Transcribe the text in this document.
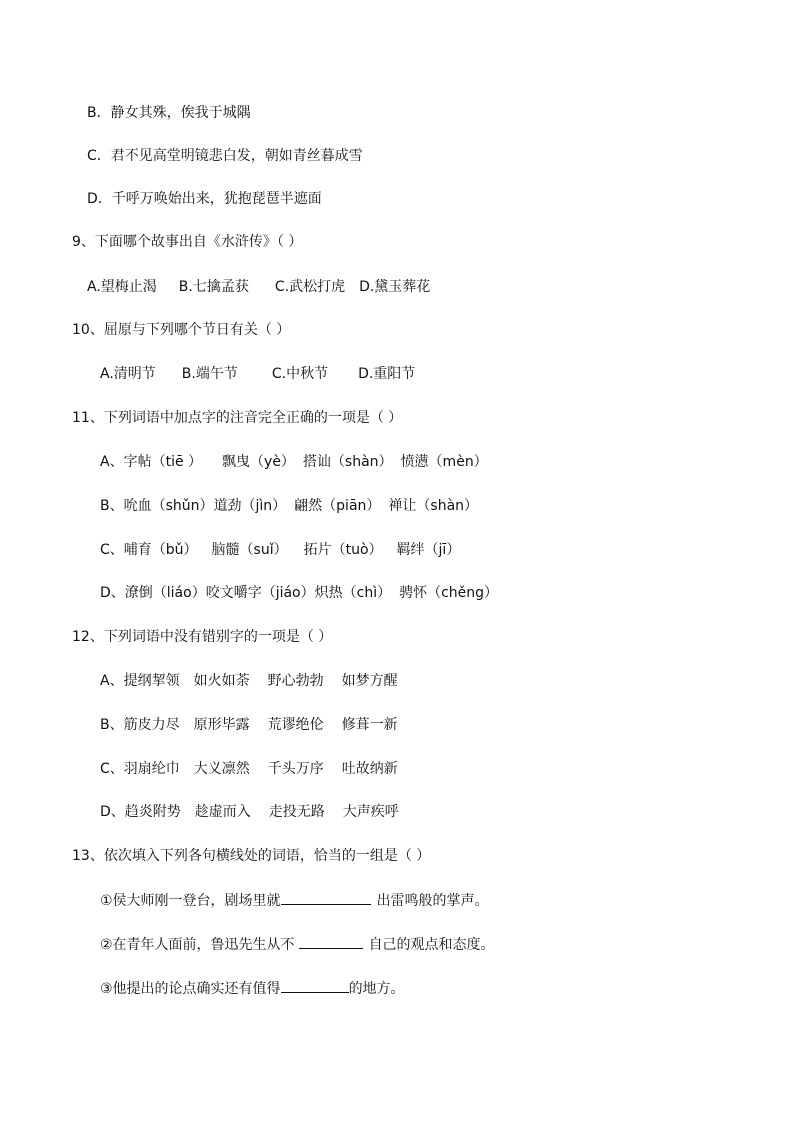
B．静女其殊，俟我于城隅
C．君不见高堂明镜悲白发，朝如青丝暮成雪
D．千呼万唤始出来，犹抱琵琶半遮面
9、下面哪个故事出自《水浒传》（ ）
A.望梅止渴 B.七擒孟获 C.武松打虎 D.黛玉葬花
10、屈原与下列哪个节日有关（ ）
A.清明节 B.端午节 C.中秋节 D.重阳节
11、下列词语中加点字的注音完全正确的一项是（ ）
A、字帖（tiē ） 飘曳（yè） 搭讪（shàn） 愤懑（mèn）
B、吮血（shǔn）道劲（jìn） 翩然（piān） 禅让（shàn）
C、哺育（bǔ） 脑髓（suǐ） 拓片（tuò） 羁绊（jī）
D、潦倒（liáo）咬文嚼字（jiáo）炽热（chì） 骋怀（chěng）
12、下列词语中没有错别字的一项是（ ）
A、提纲挈领 如火如荼 野心勃勃 如梦方醒
B、筋皮力尽 原形毕露 荒谬绝伦 修葺一新
C、羽扇纶巾 大义凛然 千头万序 吐故纳新
D、趋炎附势 趁虚而入 走投无路 大声疾呼
13、依次填入下列各句横线处的词语，恰当的一组是（ ）
①侯大师刚一登台，剧场里就	出雷鸣般的掌声。
②在青年人面前，鲁迅先生从不	自己的观点和态度。
③他提出的论点确实还有值得	的地方。
